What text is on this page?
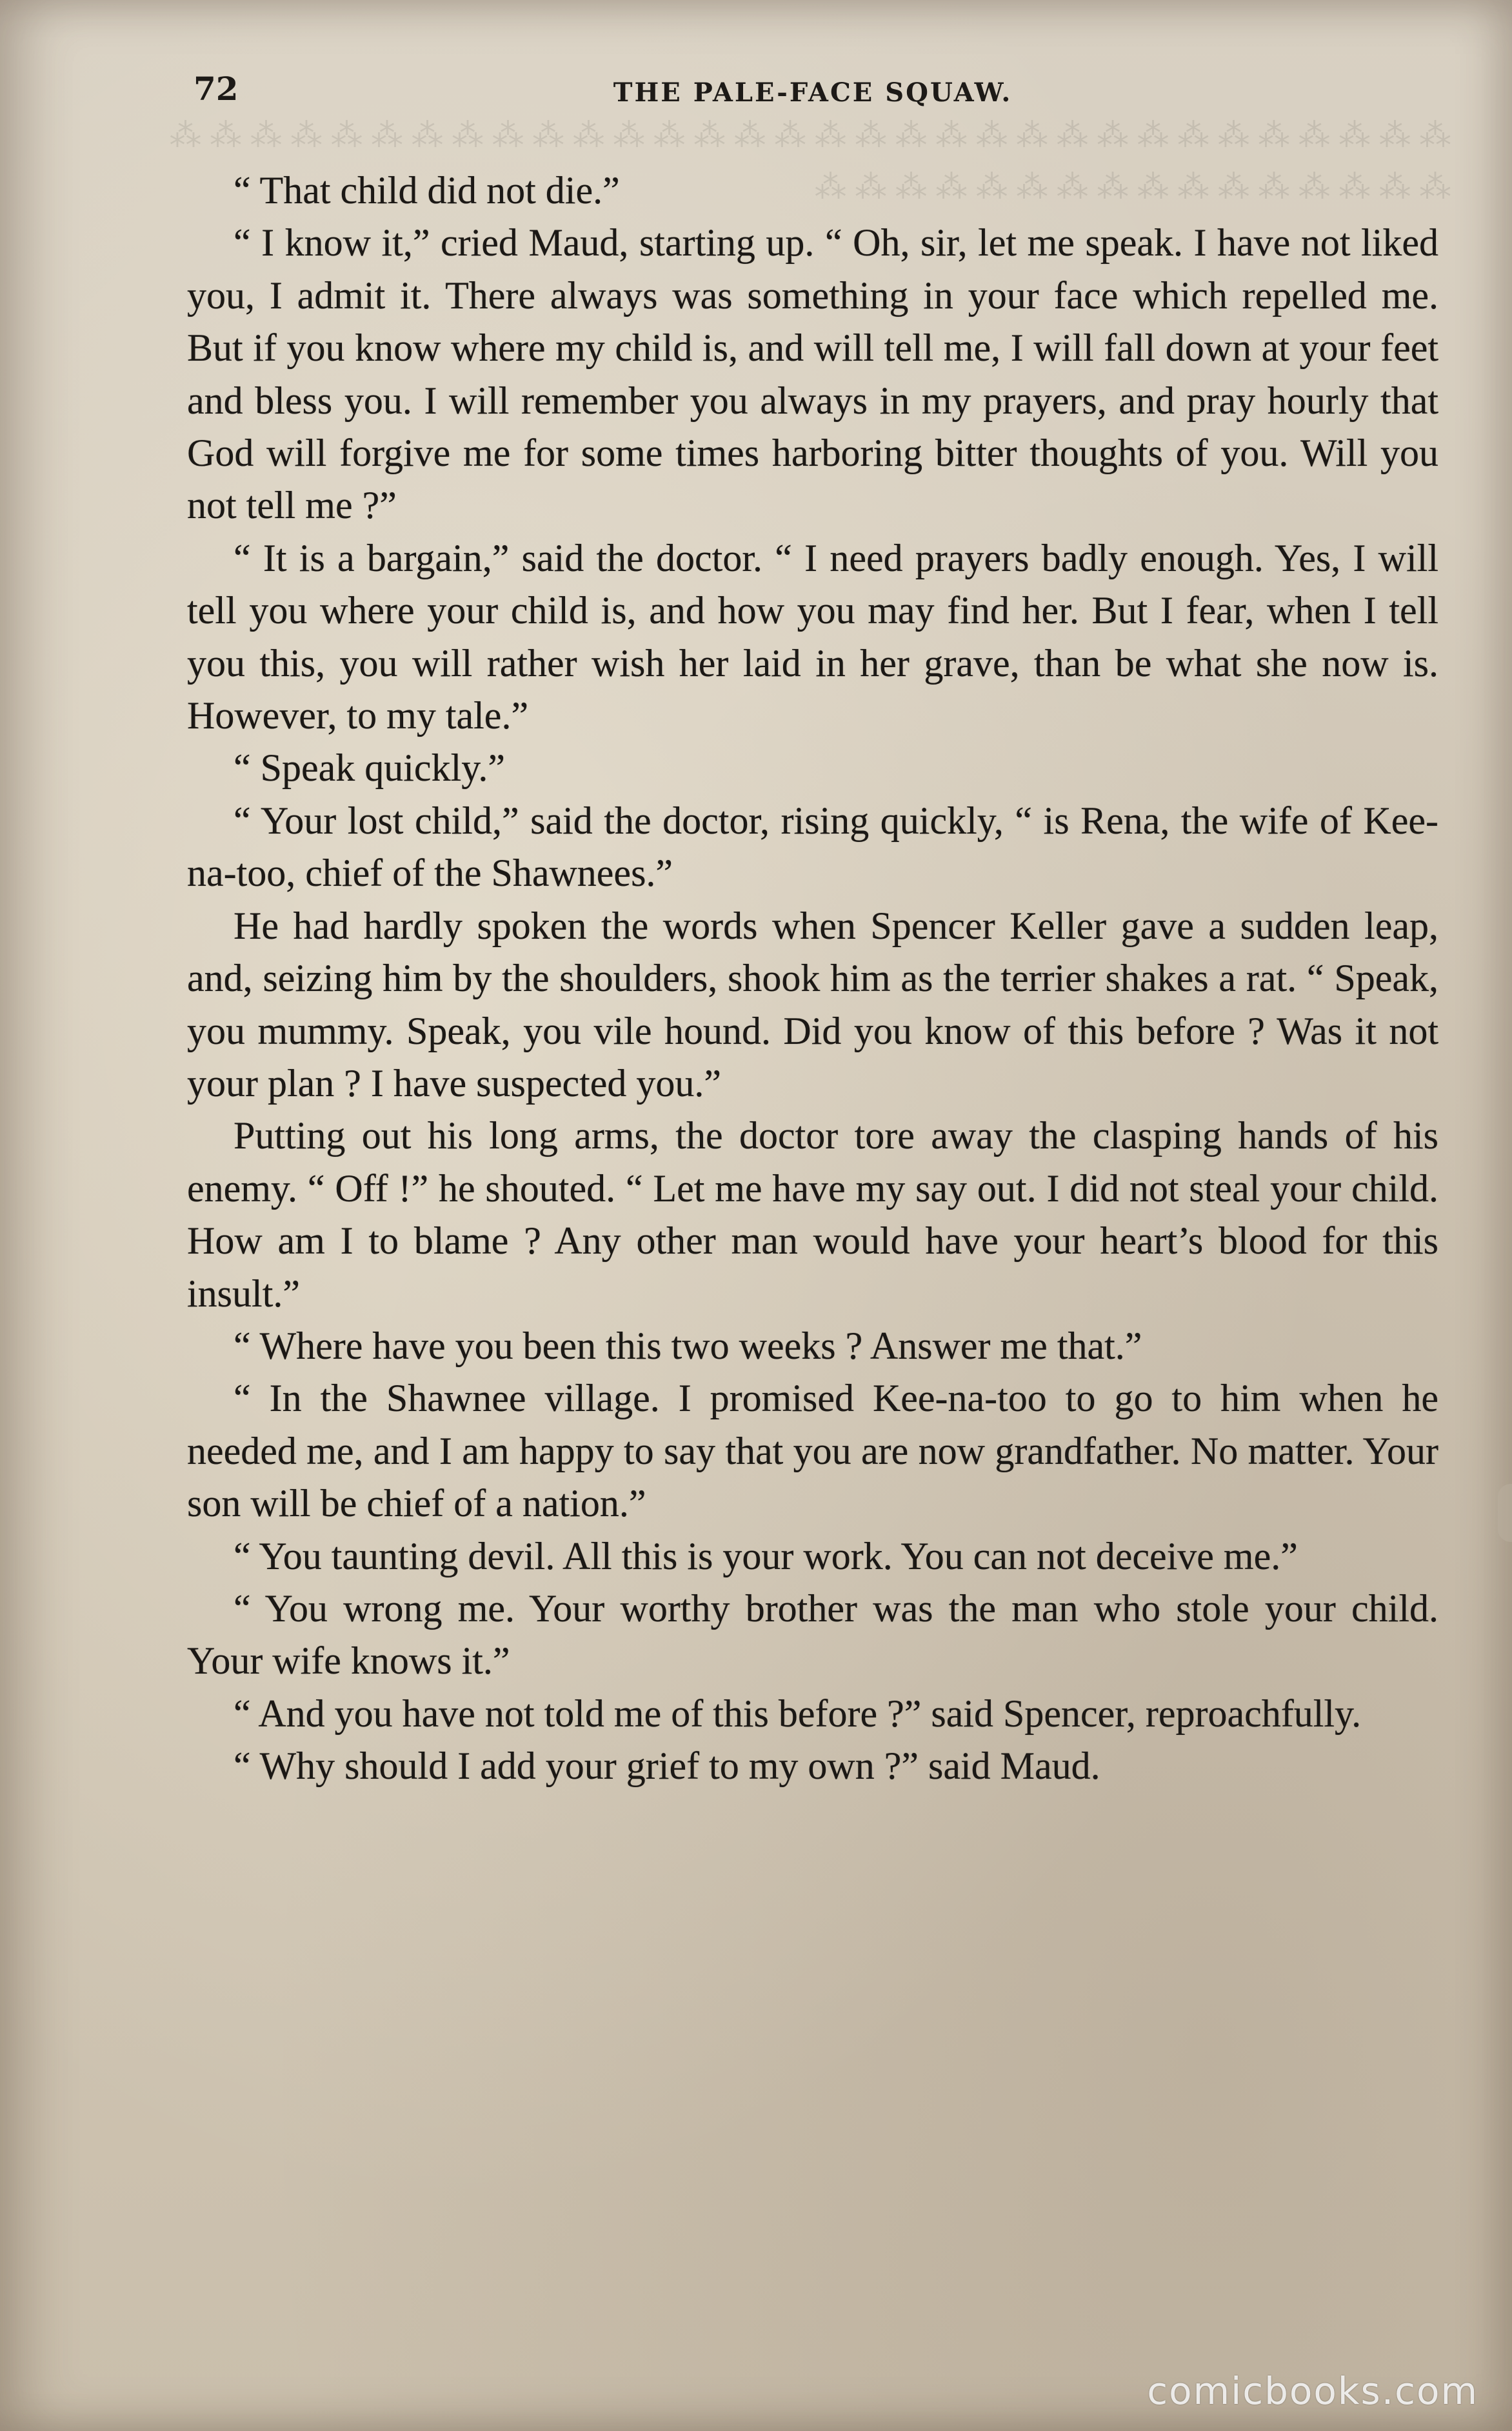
⁂ ⁂ ⁂ ⁂ ⁂ ⁂ ⁂ ⁂ ⁂ ⁂ ⁂ ⁂ ⁂ ⁂ ⁂ ⁂ ⁂ ⁂ ⁂ ⁂ ⁂ ⁂ ⁂ ⁂ ⁂ ⁂ ⁂ ⁂ ⁂ ⁂ ⁂ ⁂ ⁂ ⁂ ⁂ ⁂ ⁂ ⁂ ⁂ ⁂ ⁂ ⁂ ⁂ ⁂ ⁂ ⁂ ⁂ ⁂
72	THE PALE-FACE SQUAW.

“ That child did not die.”

“ I know it,” cried Maud, starting up. “ Oh, sir, let me speak. I have not liked you, I admit it. There always was something in your face which repelled me. But if you know where my child is, and will tell me, I will fall down at your feet and bless you. I will remember you always in my prayers, and pray hourly that God will forgive me for some times harboring bitter thoughts of you. Will you not tell me ?”

“ It is a bargain,” said the doctor. “ I need prayers badly enough. Yes, I will tell you where your child is, and how you may find her. But I fear, when I tell you this, you will rather wish her laid in her grave, than be what she now is. However, to my tale.”

“ Speak quickly.”

“ Your lost child,” said the doctor, rising quickly, “ is Rena, the wife of Kee-na-too, chief of the Shawnees.”

He had hardly spoken the words when Spencer Keller gave a sudden leap, and, seizing him by the shoulders, shook him as the terrier shakes a rat. “ Speak, you mummy. Speak, you vile hound. Did you know of this before ? Was it not your plan ? I have suspected you.”

Putting out his long arms, the doctor tore away the clasping hands of his enemy. “ Off !” he shouted. “ Let me have my say out. I did not steal your child. How am I to blame ? Any other man would have your heart’s blood for this insult.”

“ Where have you been this two weeks ? Answer me that.”

“ In the Shawnee village. I promised Kee-na-too to go to him when he needed me, and I am happy to say that you are now grandfather. No matter. Your son will be chief of a nation.”

“ You taunting devil. All this is your work. You can not deceive me.”

“ You wrong me. Your worthy brother was the man who stole your child. Your wife knows it.”

“ And you have not told me of this before ?” said Spencer, reproachfully.

“ Why should I add your grief to my own ?” said Maud.

comicbooks.com
